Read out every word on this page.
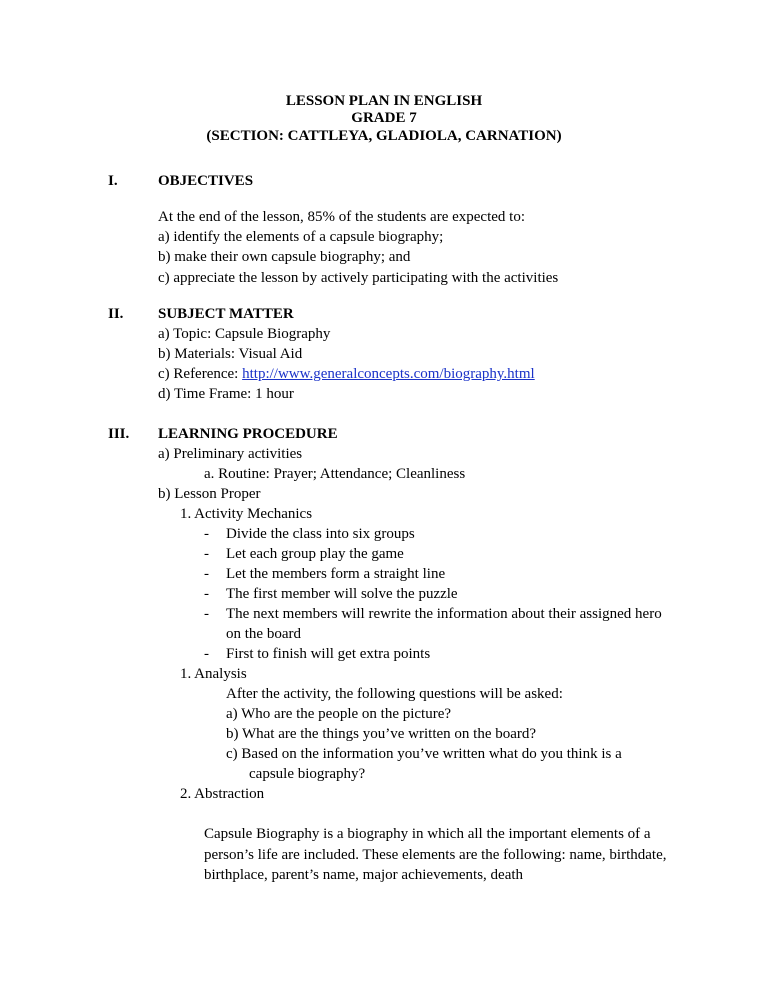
LESSON PLAN IN ENGLISH
GRADE 7
(SECTION: CATTLEYA, GLADIOLA, CARNATION)
I.	OBJECTIVES
At the end of the lesson, 85% of the students are expected to:
a) identify the elements of a capsule biography;
b) make their own capsule biography; and
c) appreciate the lesson by actively participating with the activities
II. SUBJECT MATTER
a) Topic: Capsule Biography
b) Materials: Visual Aid
c) Reference: http://www.generalconcepts.com/biography.html
d) Time Frame: 1 hour
III. LEARNING PROCEDURE
a) Preliminary activities
a. Routine: Prayer; Attendance; Cleanliness
b) Lesson Proper
1. Activity Mechanics
- Divide the class into six groups
- Let each group play the game
- Let the members form a straight line
- The first member will solve the puzzle
- The next members will rewrite the information about their assigned hero
on the board
- First to finish will get extra points
1. Analysis
After the activity, the following questions will be asked:
a) Who are the people on the picture?
b) What are the things you’ve written on the board?
c) Based on the information you’ve written what do you think is a
capsule biography?
2. Abstraction
Capsule Biography is a biography in which all the important elements of a
person’s life are included. These elements are the following: name, birthdate,
birthplace, parent’s name, major achievements, death
